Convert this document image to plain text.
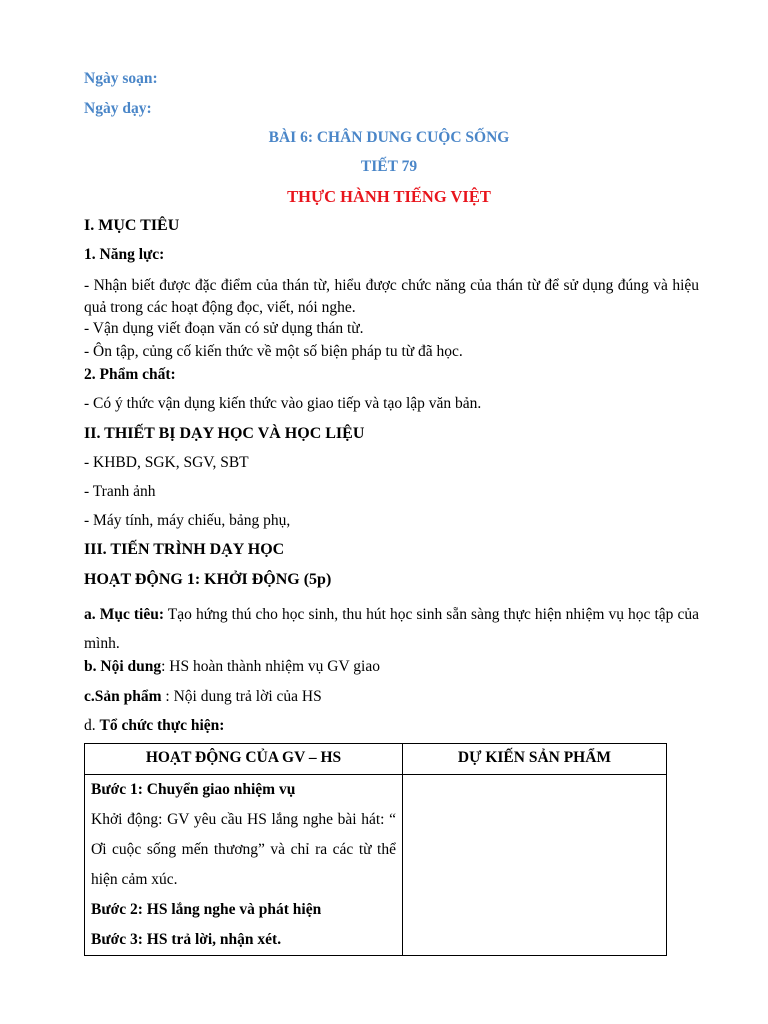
Ngày soạn:
Ngày dạy:
BÀI 6: CHÂN DUNG CUỘC SỐNG
TIẾT 79
THỰC HÀNH TIẾNG VIỆT
I. MỤC TIÊU
1. Năng lực:
- Nhận biết được đặc điểm của thán từ, hiểu được chức năng của thán từ để sử dụng đúng và hiệu quả trong các hoạt động đọc, viết, nói nghe.
- Vận dụng viết đoạn văn có sử dụng thán từ.
- Ôn tập, củng cố kiến thức về một số biện pháp tu từ đã học.
2. Phẩm chất:
- Có ý thức vận dụng kiến thức vào giao tiếp và tạo lập văn bản.
II. THIẾT BỊ DẠY HỌC VÀ HỌC LIỆU
- KHBD, SGK, SGV, SBT
- Tranh ảnh
- Máy tính, máy chiếu, bảng phụ,
III. TIẾN TRÌNH DẠY HỌC
HOẠT ĐỘNG 1: KHỞI ĐỘNG (5p)
a. Mục tiêu: Tạo hứng thú cho học sinh, thu hút học sinh sẵn sàng thực hiện nhiệm vụ học tập của mình.
b. Nội dung: HS hoàn thành nhiệm vụ GV giao
c.Sản phẩm : Nội dung trả lời của HS
d. Tổ chức thực hiện:
HOẠT ĐỘNG CỦA GV – HS	DỰ KIẾN SẢN PHẨM

Bước 1: Chuyển giao nhiệm vụ
Khởi động: GV yêu cầu HS lắng nghe bài hát: “ Ơi cuộc sống mến thương” và chỉ ra các từ thể hiện cảm xúc.
Bước 2: HS lắng nghe và phát hiện
Bước 3: HS trả lời, nhận xét.	
